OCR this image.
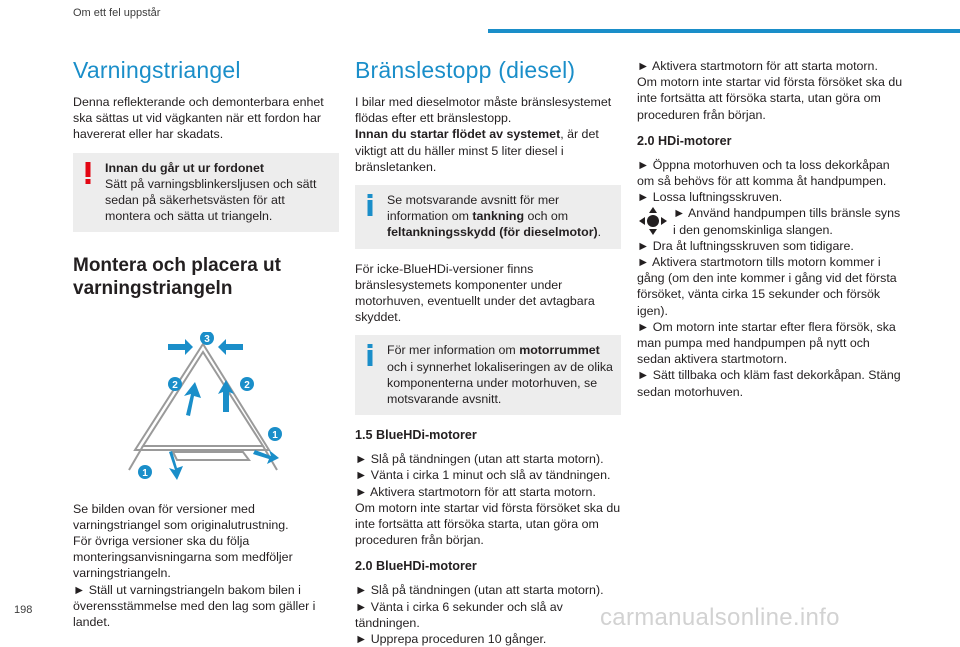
Om ett fel uppstår
Varningstriangel

Denna reflekterande och demonterbara enhet ska sättas ut vid vägkanten när ett fordon har havererat eller har skadats.

Innan du går ut ur fordonet

Sätt på varningsblinkersljusen och sätt sedan på säkerhetsvästen för att montera och sätta ut triangeln.

Montera och placera ut varningstriangeln
3
2	2
1
1

Se bilden ovan för versioner med varningstriangel som originalutrustning.

För övriga versioner ska du följa monteringsanvisningarna som medföljer varningstriangeln.

► Ställ ut varningstriangeln bakom bilen i överensstämmelse med den lag som gäller i landet.

Bränslestopp (diesel)

I bilar med dieselmotor måste bränslesystemet flödas efter ett bränslestopp.

Innan du startar flödet av systemet, är det viktigt att du häller minst 5 liter diesel i bränsletanken.

Se motsvarande avsnitt för mer information om tankning och om feltankningsskydd (för dieselmotor).

För icke-BlueHDi-versioner finns bränslesystemets komponenter under motorhuven, eventuellt under det avtagbara skyddet.

För mer information om motorrummet och i synnerhet lokaliseringen av de olika komponenterna under motorhuven, se motsvarande avsnitt.

1.5 BlueHDi-motorer

► Slå på tändningen (utan att starta motorn).

► Vänta i cirka 1 minut och slå av tändningen.

► Aktivera startmotorn för att starta motorn.

Om motorn inte startar vid första försöket ska du inte fortsätta att försöka starta, utan göra om proceduren från början.

2.0 BlueHDi-motorer

► Slå på tändningen (utan att starta motorn).

► Vänta i cirka 6 sekunder och slå av tändningen.

► Upprepa proceduren 10 gånger.

► Aktivera startmotorn för att starta motorn.

Om motorn inte startar vid första försöket ska du inte fortsätta att försöka starta, utan göra om proceduren från början.

2.0 HDi-motorer

► Öppna motorhuven och ta loss dekorkåpan om så behövs för att komma åt handpumpen.

► Lossa luftningsskruven.

► Använd handpumpen tills bränsle syns i den genomskinliga slangen.

► Dra åt luftningsskruven som tidigare.

► Aktivera startmotorn tills motorn kommer i gång (om den inte kommer i gång vid det första försöket, vänta cirka 15 sekunder och försök igen).

► Om motorn inte startar efter flera försök, ska man pumpa med handpumpen på nytt och sedan aktivera startmotorn.

► Sätt tillbaka och kläm fast dekorkåpan. Stäng sedan motorhuven.

198	carmanualsonline.info
